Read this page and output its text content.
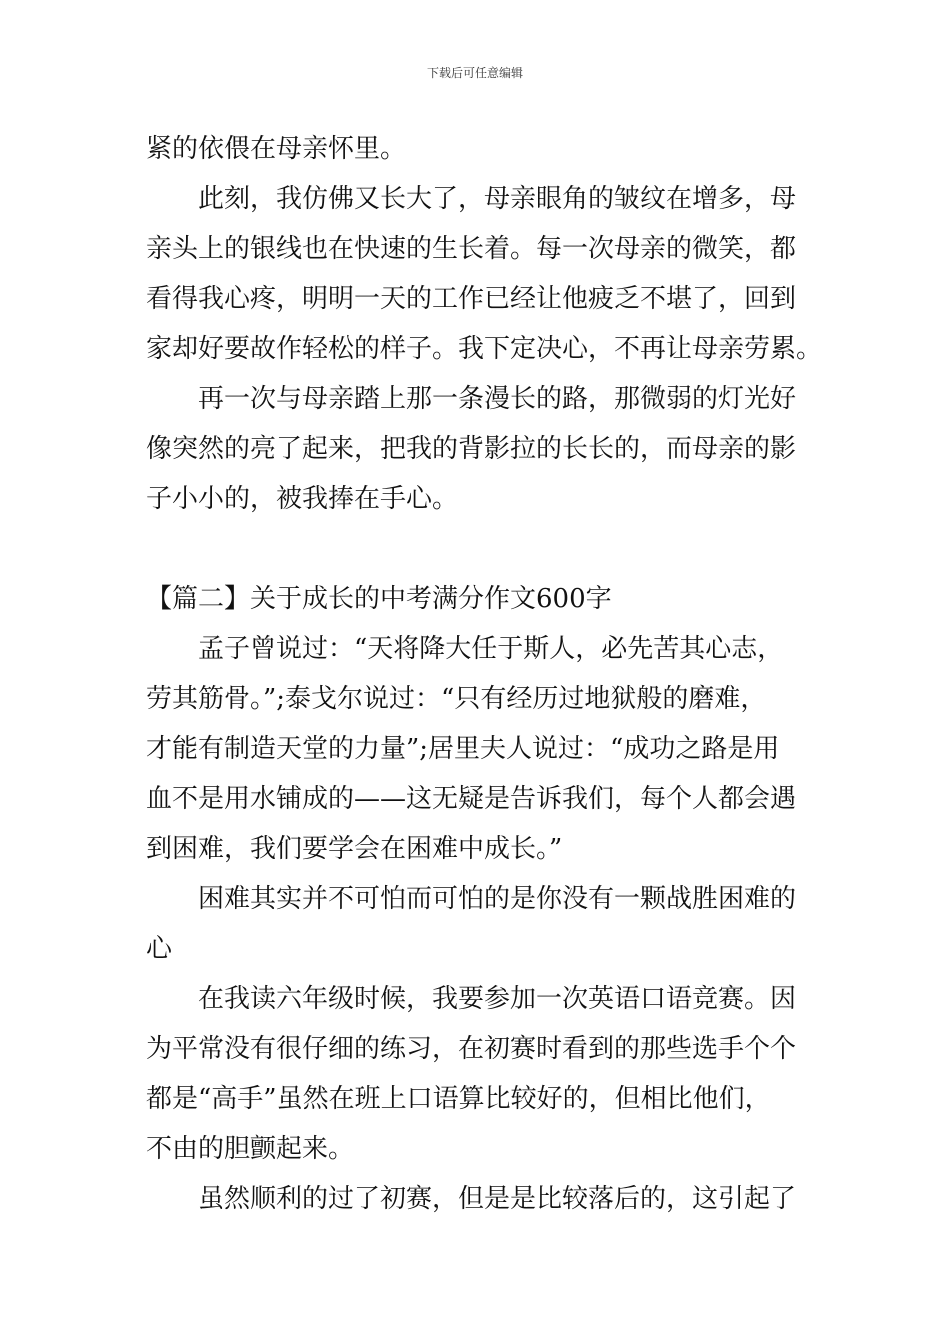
下载后可任意编辑
紧的依偎在母亲怀里。
此刻，我仿佛又长大了，母亲眼角的皱纹在增多，母
亲头上的银线也在快速的生长着。每一次母亲的微笑，都
看得我心疼，明明一天的工作已经让他疲乏不堪了，回到
家却好要故作轻松的样子。我下定决心，不再让母亲劳累。
再一次与母亲踏上那一条漫长的路，那微弱的灯光好
像突然的亮了起来，把我的背影拉的长长的，而母亲的影
子小小的，被我捧在手心。
【篇二】关于成长的中考满分作文600字
孟子曾说过：“天将降大任于斯人，必先苦其心志，
劳其筋骨。”;泰戈尔说过：“只有经历过地狱般的磨难，
才能有制造天堂的力量”;居里夫人说过：“成功之路是用
血不是用水铺成的——这无疑是告诉我们，每个人都会遇
到困难，我们要学会在困难中成长。”
困难其实并不可怕而可怕的是你没有一颗战胜困难的
心
在我读六年级时候，我要参加一次英语口语竞赛。因
为平常没有很仔细的练习，在初赛时看到的那些选手个个
都是“高手”虽然在班上口语算比较好的，但相比他们，
不由的胆颤起来。
虽然顺利的过了初赛，但是是比较落后的，这引起了
